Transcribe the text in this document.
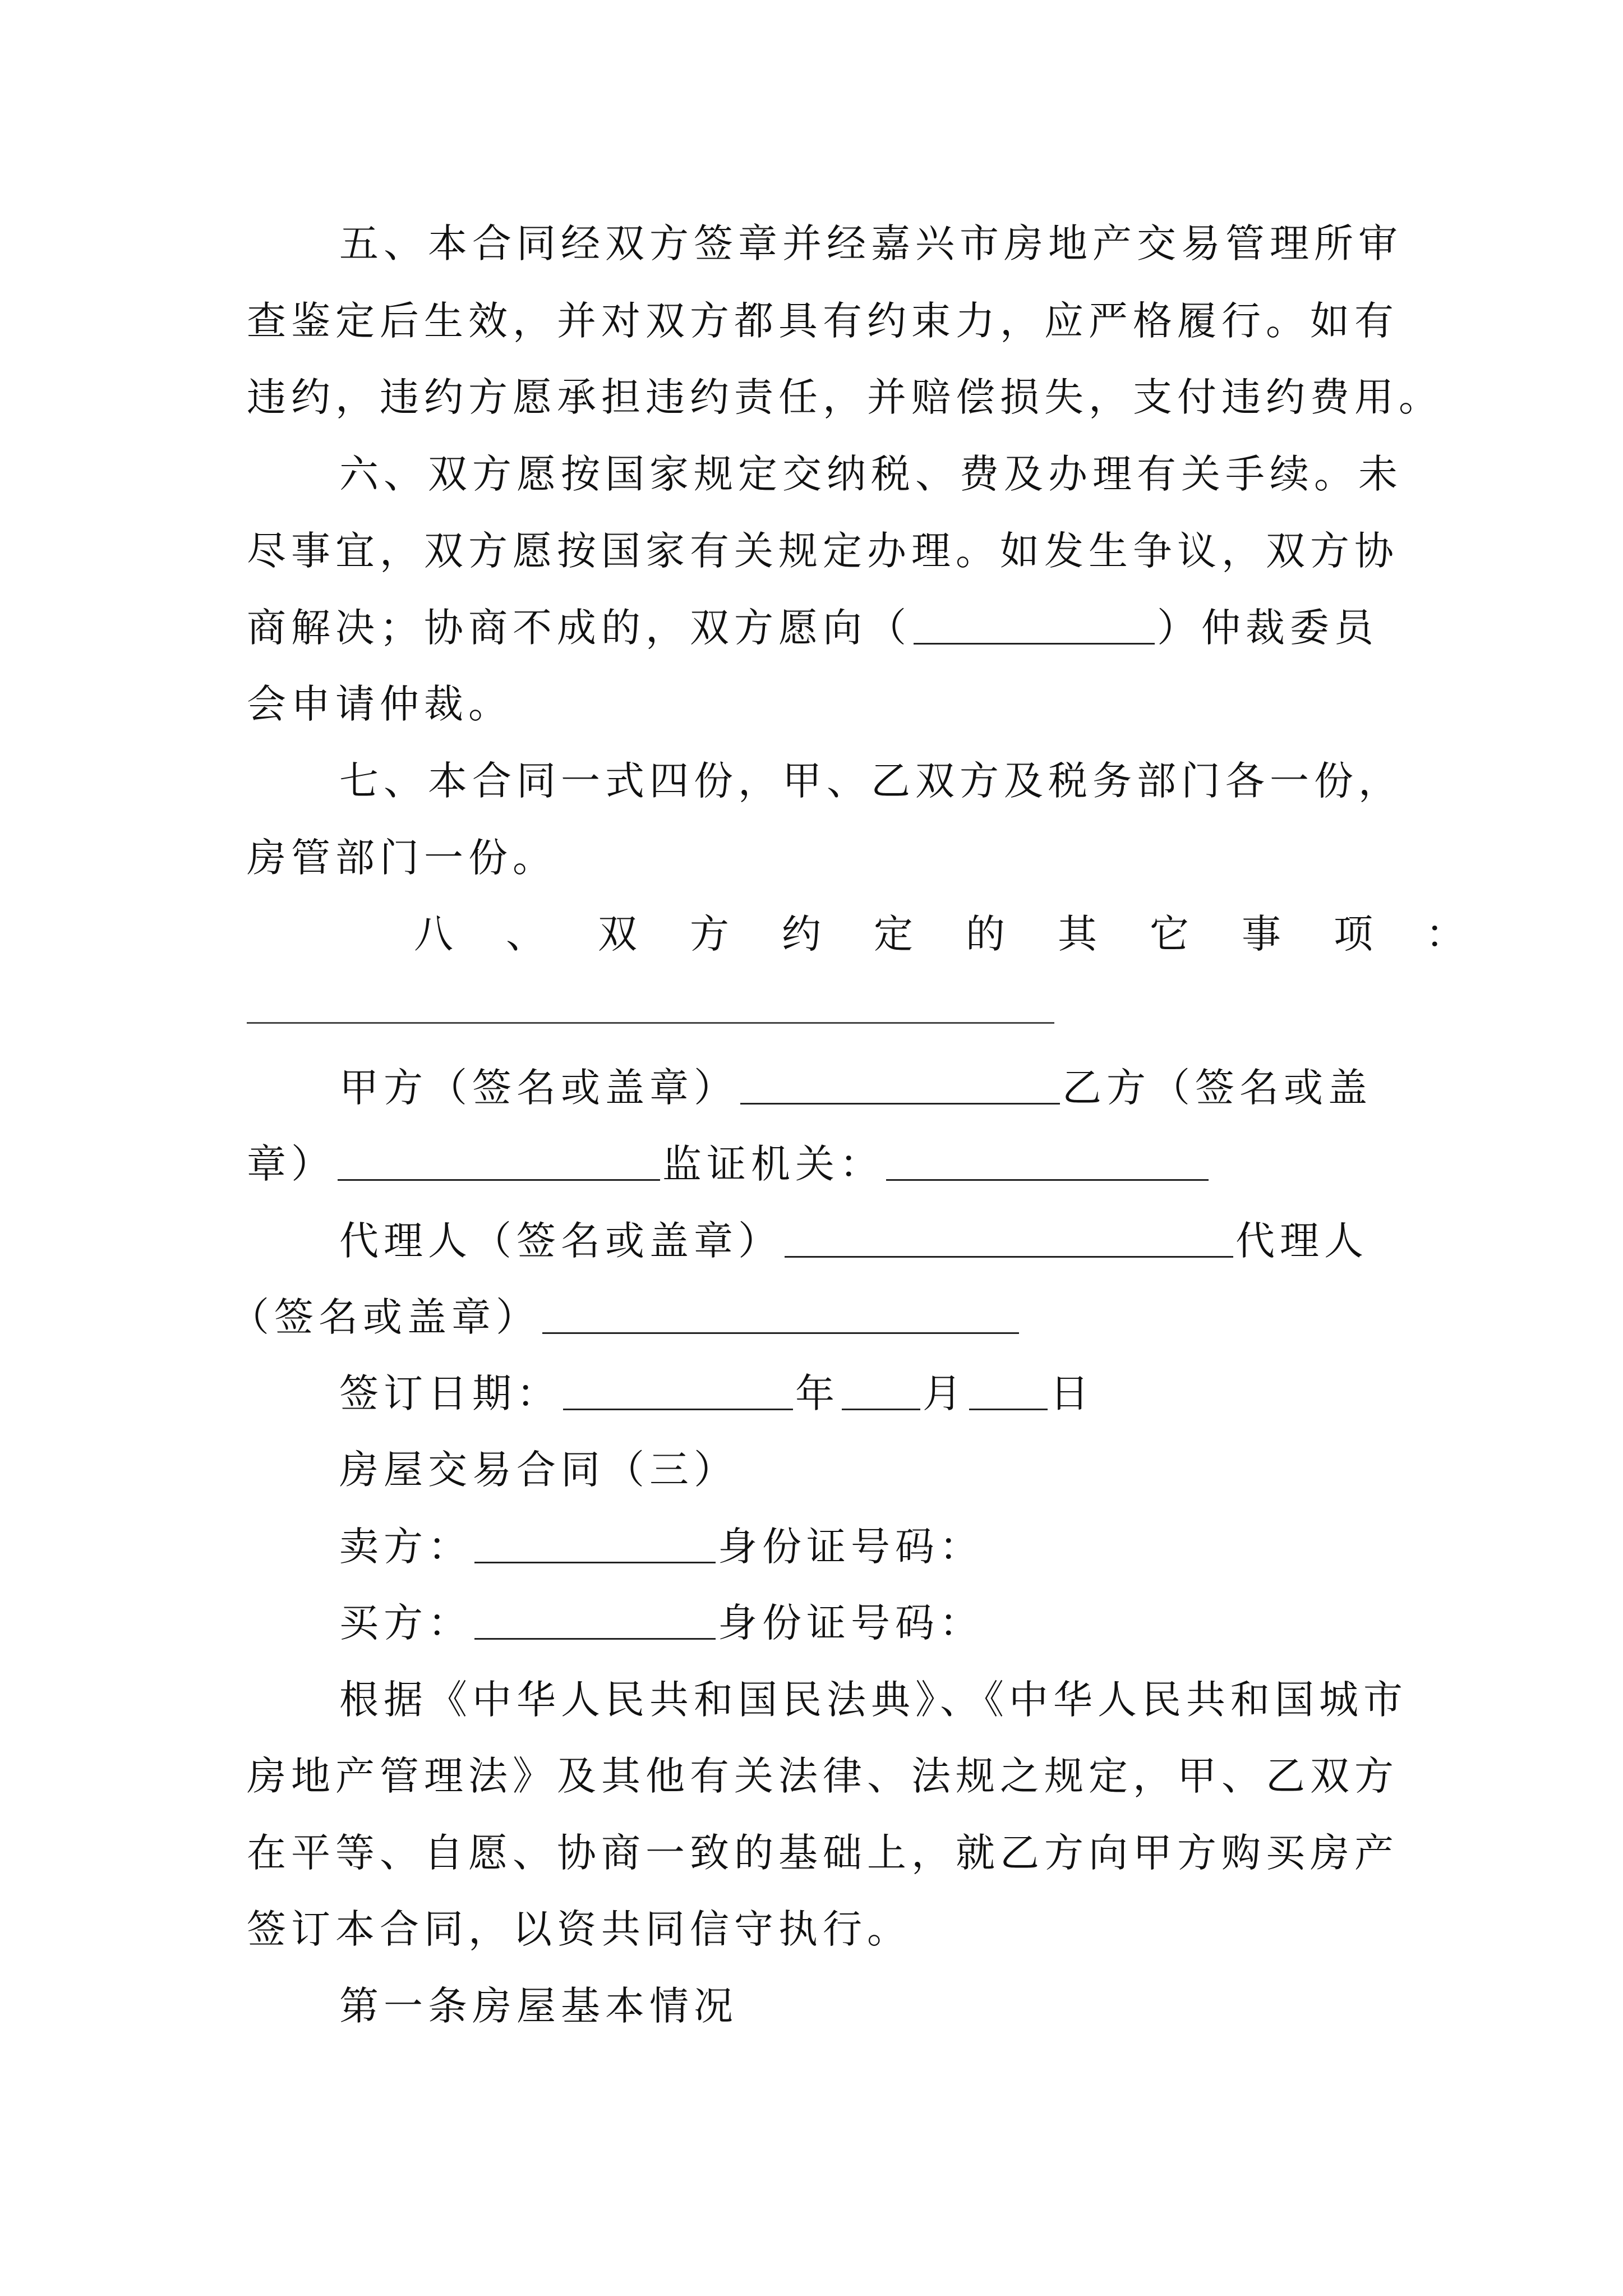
五、本合同经双方签章并经嘉兴市房地产交易管理所审
查鉴定后生效，并对双方都具有约束力，应严格履行。如有
违约，违约方愿承担违约责任，并赔偿损失，支付违约费用。
六、双方愿按国家规定交纳税、费及办理有关手续。未
尽事宜，双方愿按国家有关规定办理。如发生争议，双方协
商解决；协商不成的，双方愿向（	）仲裁委员
会申请仲裁。
七、本合同一式四份，甲、乙双方及税务部门各一份，
房管部门一份。
八、双方约定的其它事项：
甲方（签名或盖章）	乙方（签名或盖
章）	监证机关：
代理人（签名或盖章）	代理人
（签名或盖章）
签订日期：	年 月 日
房屋交易合同（三）
卖方：	身份证号码：
买方：	身份证号码：
根据《中华人民共和国民法典》、《中华人民共和国城市
房地产管理法》及其他有关法律、法规之规定，甲、乙双方
在平等、自愿、协商一致的基础上，就乙方向甲方购买房产
签订本合同，以资共同信守执行。
第一条房屋基本情况
